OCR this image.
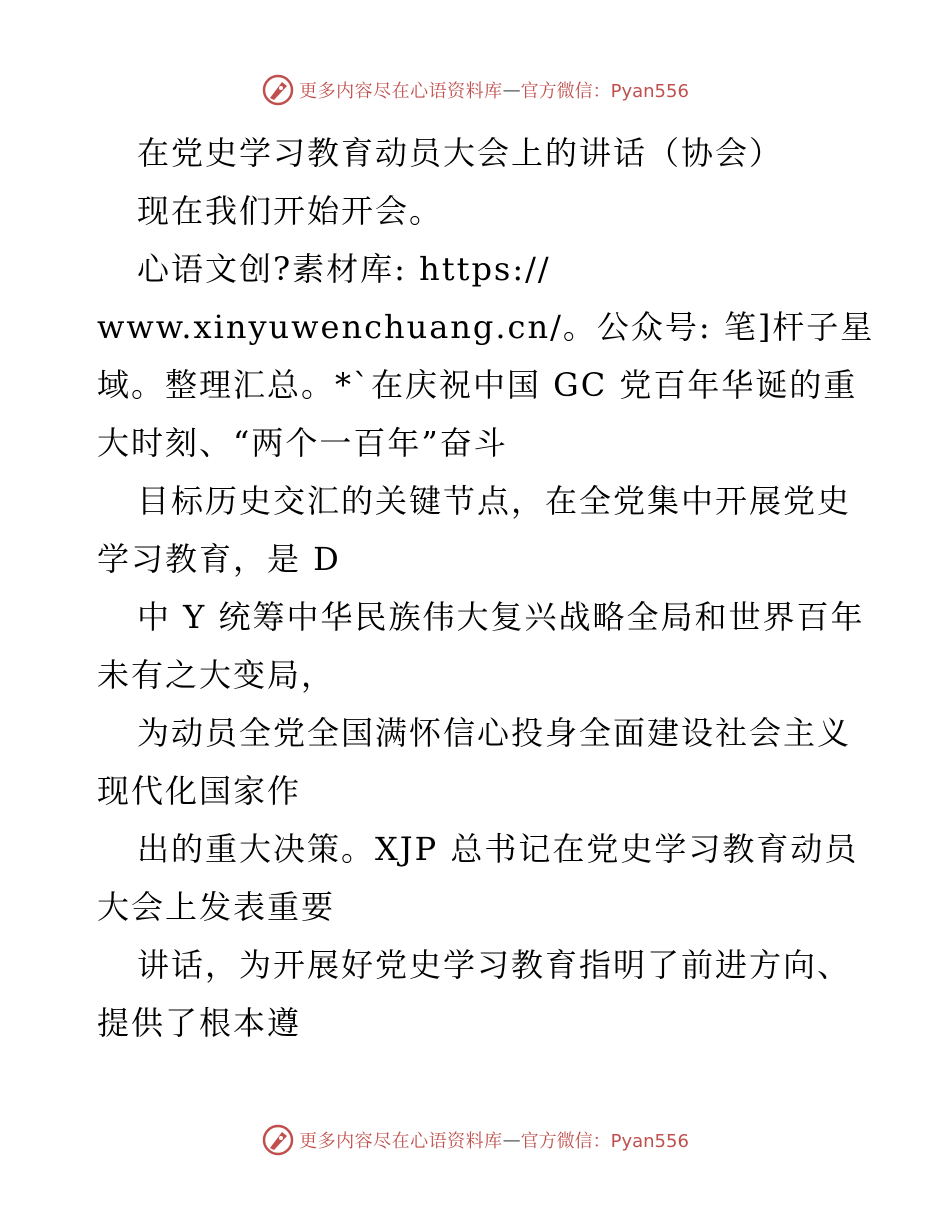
更多内容尽在心语资料库 — 官方微信：Pyan556
在党史学习教育动员大会上的讲话（协会）
现在我们开始开会。
心语文创?素材库: https://
www.xinyuwenchuang.cn/。公众号: 笔]杆子星
域。整理汇总。*`在庆祝中国 GC 党百年华诞的重
大时刻、“两个一百年”奋斗
目标历史交汇的关键节点，在全党集中开展党史
学习教育，是 D
中 Y 统筹中华民族伟大复兴战略全局和世界百年
未有之大变局，
为动员全党全国满怀信心投身全面建设社会主义
现代化国家作
出的重大决策。XJP 总书记在党史学习教育动员
大会上发表重要
讲话，为开展好党史学习教育指明了前进方向、
提供了根本遵
更多内容尽在心语资料库 — 官方微信：Pyan556
